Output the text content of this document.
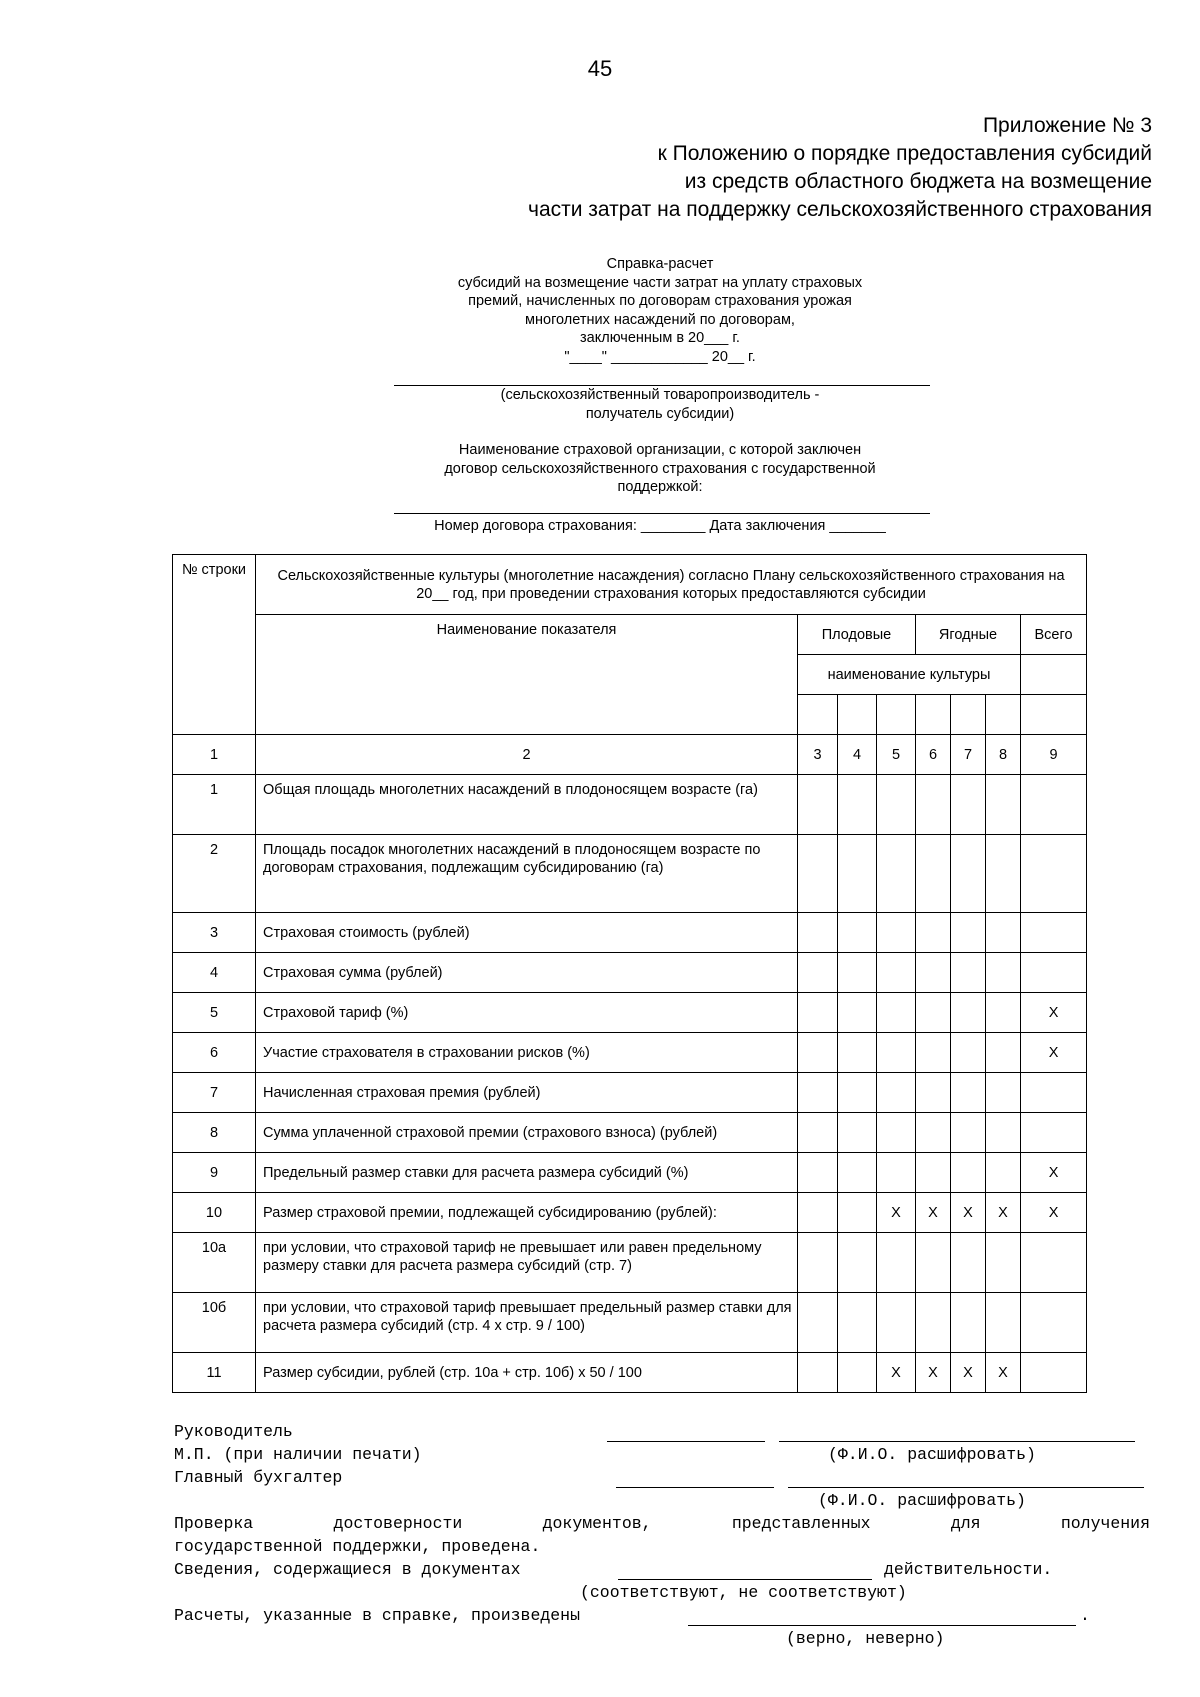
45
Приложение № 3
к Положению о порядке предоставления субсидий
из средств областного бюджета на возмещение
части затрат на поддержку сельскохозяйственного страхования
Справка-расчет
субсидий на возмещение части затрат на уплату страховых
премий, начисленных по договорам страхования урожая
многолетних насаждений по договорам,
заключенным в 20___ г.
"____" ____________ 20__ г.
(сельскохозяйственный товаропроизводитель -
получатель субсидии)
Наименование страховой организации, с которой заключен
договор сельскохозяйственного страхования с государственной
поддержкой:
Номер договора страхования: ________ Дата заключения _______
№ строки	Сельскохозяйственные культуры (многолетние насаждения) согласно Плану сельскохозяйственного страхования на 20__ год, при проведении страхования которых предоставляются субсидии							
	Наименование показателя	Плодовые			Ягодные			Всего
		наименование культуры						

1	2	3	4	5	6	7	8	9
1	Общая площадь многолетних насаждений в плодоносящем возрасте (га)							
2	Площадь посадок многолетних насаждений в плодоносящем возрасте по договорам страхования, подлежащим субсидированию (га)							
3	Страховая стоимость (рублей)							
4	Страховая сумма (рублей)							
5	Страховой тариф (%)							X
6	Участие страхователя в страховании рисков (%)							X
7	Начисленная страховая премия (рублей)							
8	Сумма уплаченной страховой премии (страхового взноса) (рублей)							
9	Предельный размер ставки для расчета размера субсидий (%)							X
10	Размер страховой премии, подлежащей субсидированию (рублей):			X	X	X	X	X
10а	при условии, что страховой тариф не превышает или равен предельному размеру ставки для расчета размера субсидий (стр. 7)							
10б	при условии, что страховой тариф превышает предельный размер ставки для расчета размера субсидий (стр. 4 x стр. 9 / 100)							
11	Размер субсидии, рублей (стр. 10а + стр. 10б) x 50 / 100			X	X	X	X	
Руководитель
М.П. (при наличии печати)	(Ф.И.О. расшифровать)
Главный бухгалтер
(Ф.И.О. расшифровать)
Проверка	достоверности	документов,	представленных	для	получения
государственной поддержки, проведена.
Сведения, содержащиеся в документах	действительности.
(соответствуют, не соответствуют)
Расчеты, указанные в справке, произведены	.
(верно, неверно)
